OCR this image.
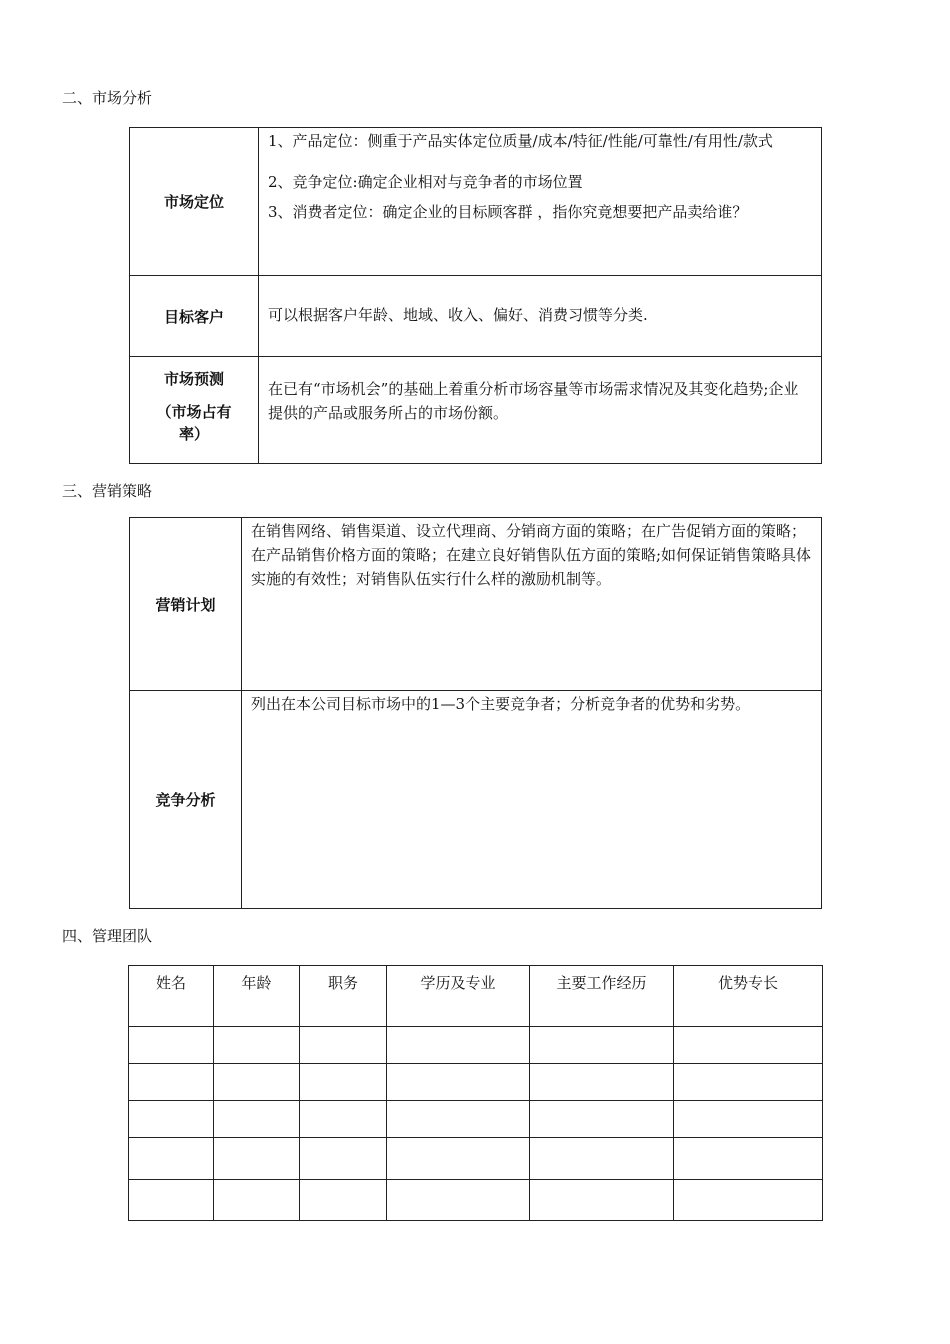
二、市场分析
市场定位	1、产品定位：侧重于产品实体定位质量/成本/特征/性能/可靠性/有用性/款式

2、竞争定位:确定企业相对与竞争者的市场位置

3、消费者定位：确定企业的目标顾客群 ，指你究竟想要把产品卖给谁？

目标客户	可以根据客户年龄、地域、收入、偏好、消费习惯等分类.

市场预测
（市场占有率）	在已有“市场机会”的基础上着重分析市场容量等市场需求情况及其变化趋势;企业提供的产品或服务所占的市场份额。

三、营销策略
营销计划	在销售网络、销售渠道、设立代理商、分销商方面的策略；在广告促销方面的策略；在产品销售价格方面的策略；在建立良好销售队伍方面的策略;如何保证销售策略具体实施的有效性；对销售队伍实行什么样的激励机制等。

竞争分析	列出在本公司目标市场中的1—3个主要竞争者；分析竞争者的优势和劣势。

四、管理团队
姓名	年龄	职务	学历及专业	主要工作经历	优势专长
